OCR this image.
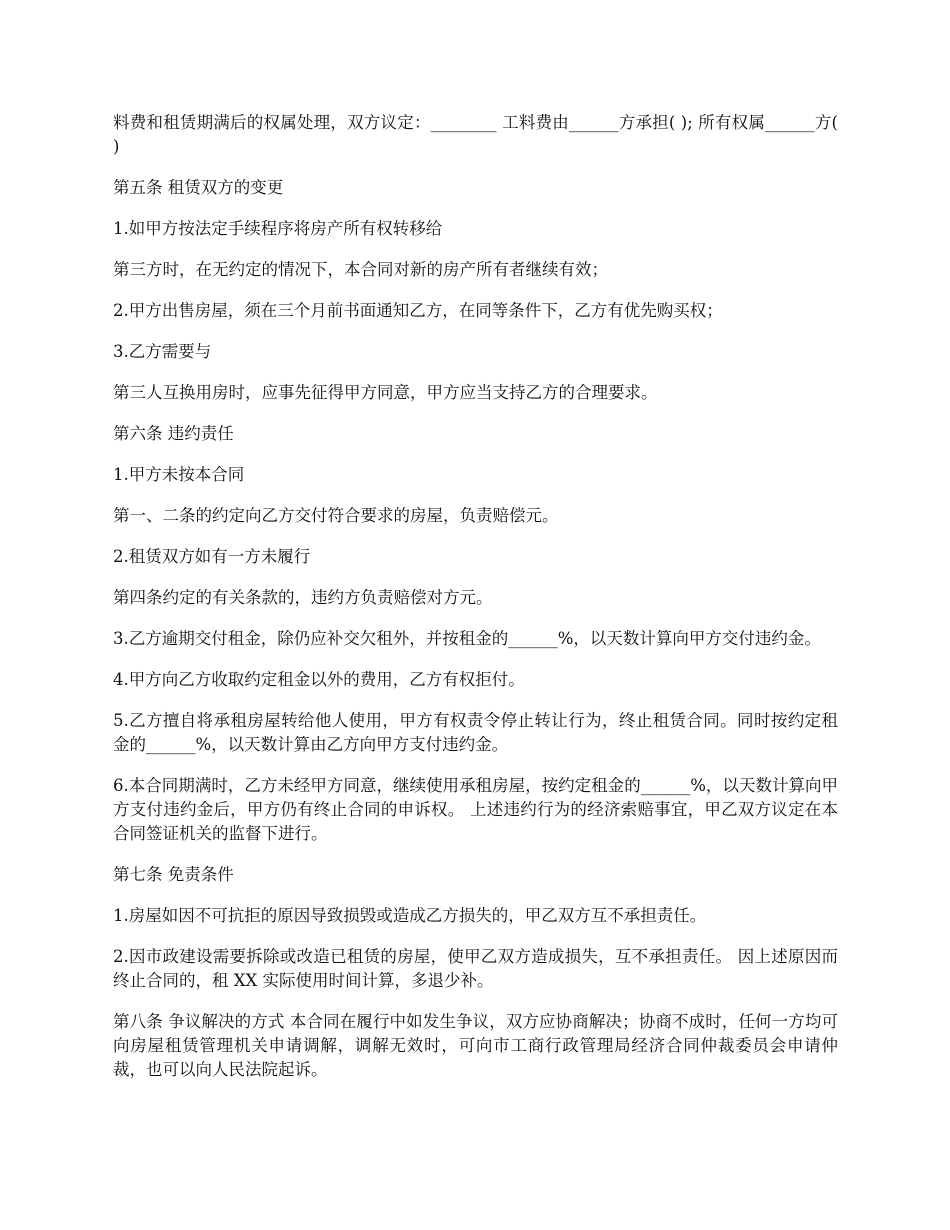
料费和租赁期满后的权属处理，双方议定：________ 工料费由______方承担( ); 所有权属______方( )

第五条 租赁双方的变更

1.如甲方按法定手续程序将房产所有权转移给

第三方时，在无约定的情况下，本合同对新的房产所有者继续有效；

2.甲方出售房屋，须在三个月前书面通知乙方，在同等条件下，乙方有优先购买权；

3.乙方需要与

第三人互换用房时，应事先征得甲方同意，甲方应当支持乙方的合理要求。

第六条 违约责任

1.甲方未按本合同

第一、二条的约定向乙方交付符合要求的房屋，负责赔偿元。

2.租赁双方如有一方未履行

第四条约定的有关条款的，违约方负责赔偿对方元。

3.乙方逾期交付租金，除仍应补交欠租外，并按租金的______%，以天数计算向甲方交付违约金。

4.甲方向乙方收取约定租金以外的费用，乙方有权拒付。

5.乙方擅自将承租房屋转给他人使用，甲方有权责令停止转让行为，终止租赁合同。同时按约定租金的______%，以天数计算由乙方向甲方支付违约金。

6.本合同期满时，乙方未经甲方同意，继续使用承租房屋，按约定租金的______%，以天数计算向甲方支付违约金后，甲方仍有终止合同的申诉权。 上述违约行为的经济索赔事宜，甲乙双方议定在本合同签证机关的监督下进行。

第七条 免责条件

1.房屋如因不可抗拒的原因导致损毁或造成乙方损失的，甲乙双方互不承担责任。

2.因市政建设需要拆除或改造已租赁的房屋，使甲乙双方造成损失，互不承担责任。 因上述原因而终止合同的，租 XX 实际使用时间计算，多退少补。

第八条 争议解决的方式 本合同在履行中如发生争议，双方应协商解决；协商不成时，任何一方均可向房屋租赁管理机关申请调解，调解无效时，可向市工商行政管理局经济合同仲裁委员会申请仲裁，也可以向人民法院起诉。
